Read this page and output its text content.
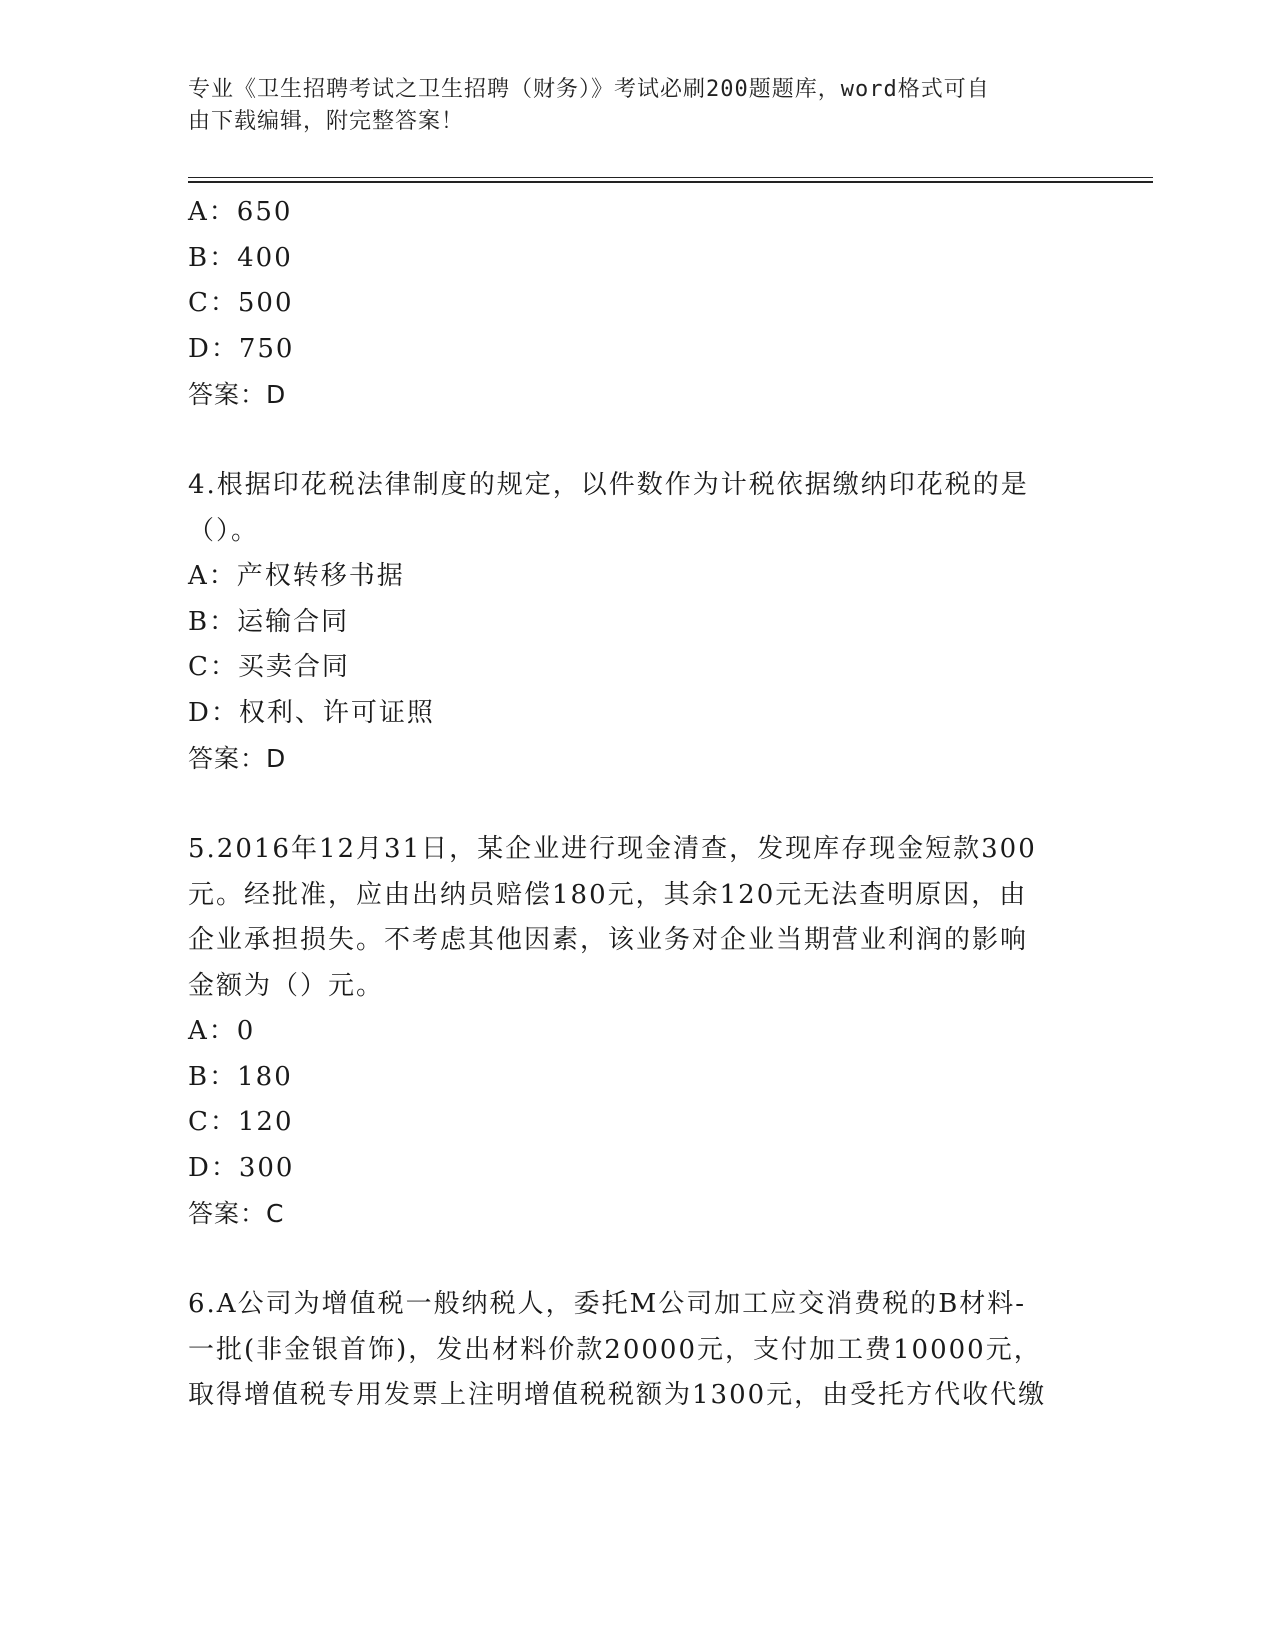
专业《卫生招聘考试之卫生招聘（财务）》考试必刷200题题库，word格式可自
由下载编辑，附完整答案！
A：650
B：400
C：500
D：750
答案：D
4.根据印花税法律制度的规定，以件数作为计税依据缴纳印花税的是
（）。
A：产权转移书据
B：运输合同
C：买卖合同
D：权利、许可证照
答案：D
5.2016年12月31日，某企业进行现金清查，发现库存现金短款300
元。经批准，应由出纳员赔偿180元，其余120元无法查明原因，由
企业承担损失。不考虑其他因素，该业务对企业当期营业利润的影响
金额为（）元。
A：0
B：180
C：120
D：300
答案：C
6.A公司为增值税一般纳税人，委托M公司加工应交消费税的B材料-
一批(非金银首饰)，发出材料价款20000元，支付加工费10000元，
取得增值税专用发票上注明增值税税额为1300元，由受托方代收代缴
